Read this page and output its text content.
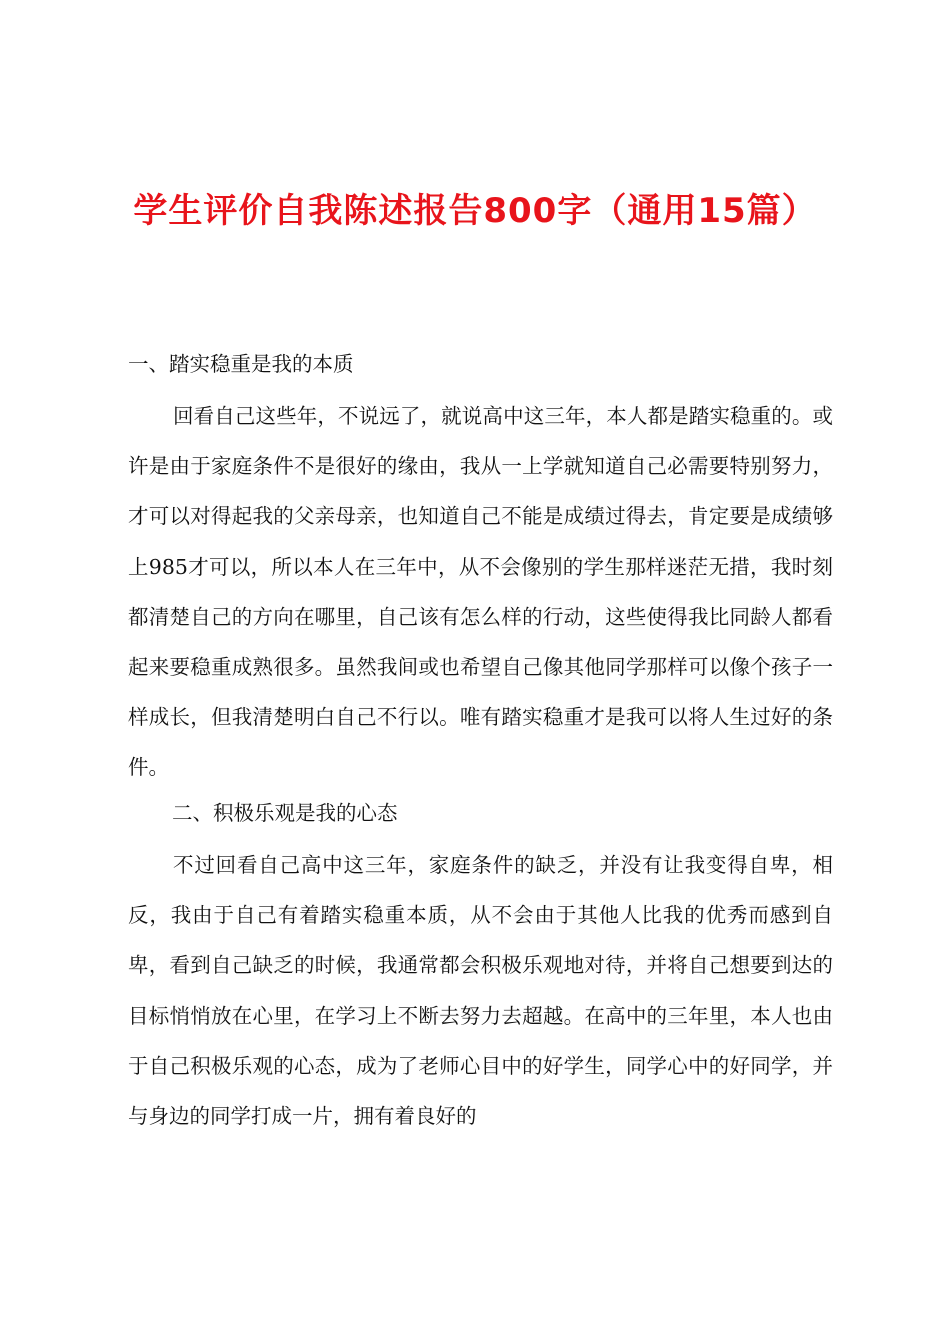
学生评价自我陈述报告800字（通用15篇）

一、踏实稳重是我的本质

回看自己这些年，不说远了，就说高中这三年，本人都是踏实稳重的。或许是由于家庭条件不是很好的缘由，我从一上学就知道自己必需要特别努力，才可以对得起我的父亲母亲，也知道自己不能是成绩过得去，肯定要是成绩够上985才可以，所以本人在三年中，从不会像别的学生那样迷茫无措，我时刻都清楚自己的方向在哪里，自己该有怎么样的行动，这些使得我比同龄人都看起来要稳重成熟很多。虽然我间或也希望自己像其他同学那样可以像个孩子一样成长，但我清楚明白自己不行以。唯有踏实稳重才是我可以将人生过好的条件。

二、积极乐观是我的心态

不过回看自己高中这三年，家庭条件的缺乏，并没有让我变得自卑，相反，我由于自己有着踏实稳重本质，从不会由于其他人比我的优秀而感到自卑，看到自己缺乏的时候，我通常都会积极乐观地对待，并将自己想要到达的目标悄悄放在心里，在学习上不断去努力去超越。在高中的三年里，本人也由于自己积极乐观的心态，成为了老师心目中的好学生，同学心中的好同学，并与身边的同学打成一片，拥有着良好的
